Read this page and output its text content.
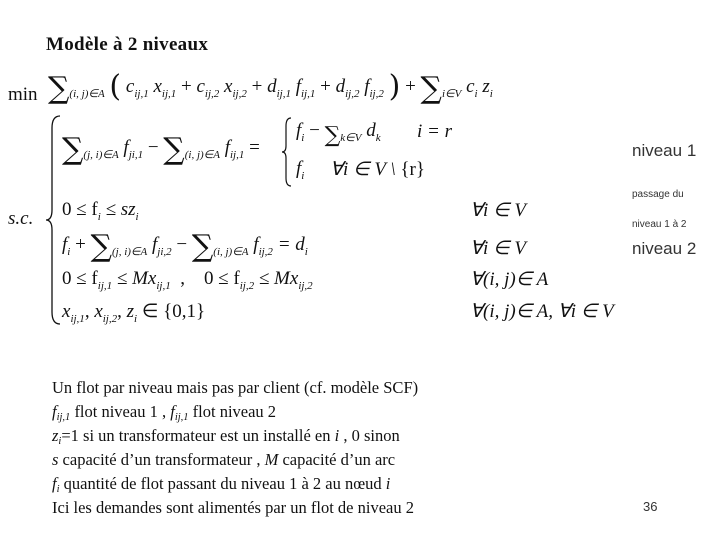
Modèle à 2 niveaux
$\min \sum_{(i, j)\in A}$ ( $c_{ij,1}$ $x_{ij,1} + c_{ij,2}$ $x_{ij,2} + d_{ij,1}$ $f_{ij,1} + d_{ij,2}$ $f_{ij,2}$ ) + $\sum_{i\in V}$ $c_i$ $z_i$
s.c.
$\sum_{(j, i)\in A}$ $f_{ji,1} - \sum_{(i, j)\in A}$ $f_{ij,1}$ =
$f_i - \sum_{k\in V}$ $d_k$ i = r
$f_i$ ∀i ∈ V \ {r}
$0 \le f_i \le sz_i$	∀i ∈ V
$f_i + \sum_{(j, i)\in A}$ $f_{ji,2} - \sum_{(i, j)\in A}$ $f_{ij,2} = d_i$	∀i ∈ V
$0 \le f_{ij,1} \le Mx_{ij,1}$ , $0 \le f_{ij,2} \le Mx_{ij,2}$	∀(i, j)∈ A
$x_{ij,1}$, $x_{ij,2}$, $z_i$ ∈ {0,1}	∀(i, j)∈ A, ∀i ∈ V
niveau 1
passage du
niveau 1 à 2
niveau 2
Un flot par niveau mais pas par client (cf. modèle SCF)
fij,1 flot niveau 1 , fij,1 flot niveau 2
zi=1 si un transformateur est un installé en i , 0 sinon
s capacité d’un transformateur , M capacité d’un arc
fi quantité de flot passant du niveau 1 à 2 au nœud i
Ici les demandes sont alimentés par un flot de niveau 2	36
